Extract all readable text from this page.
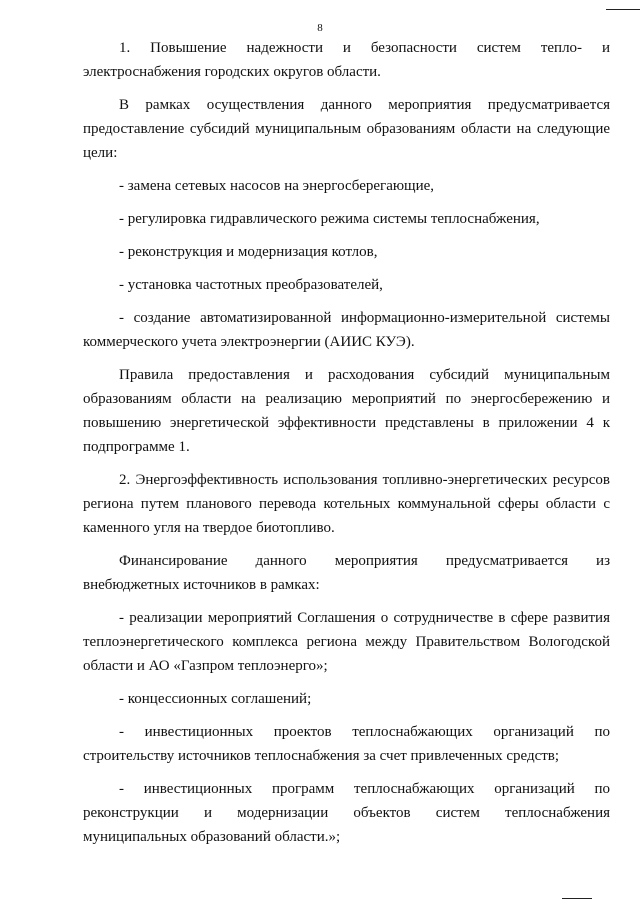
8

1. Повышение надежности и безопасности систем тепло- и электроснабжения городских округов области.

В рамках осуществления данного мероприятия предусматривается предоставление субсидий муниципальным образованиям области на следующие цели:

- замена сетевых насосов на энергосберегающие,

- регулировка гидравлического режима системы теплоснабжения,

- реконструкция и модернизация котлов,

- установка частотных преобразователей,

- создание автоматизированной информационно-измерительной системы коммерческого учета электроэнергии (АИИС КУЭ).

Правила предоставления и расходования субсидий муниципальным образованиям области на реализацию мероприятий по энергосбережению и повышению энергетической эффективности представлены в приложении 4 к подпрограмме 1.

2. Энергоэффективность использования топливно-энергетических ресурсов региона путем планового перевода котельных коммунальной сферы области с каменного угля на твердое биотопливо.

Финансирование данного мероприятия предусматривается из внебюджетных источников в рамках:

- реализации мероприятий Соглашения о сотрудничестве в сфере развития теплоэнергетического комплекса региона между Правительством Вологодской области и АО «Газпром теплоэнерго»;

- концессионных соглашений;

- инвестиционных проектов теплоснабжающих организаций по строительству источников теплоснабжения за счет привлеченных средств;

- инвестиционных программ теплоснабжающих организаций по реконструкции и модернизации объектов систем теплоснабжения муниципальных образований области.»;
